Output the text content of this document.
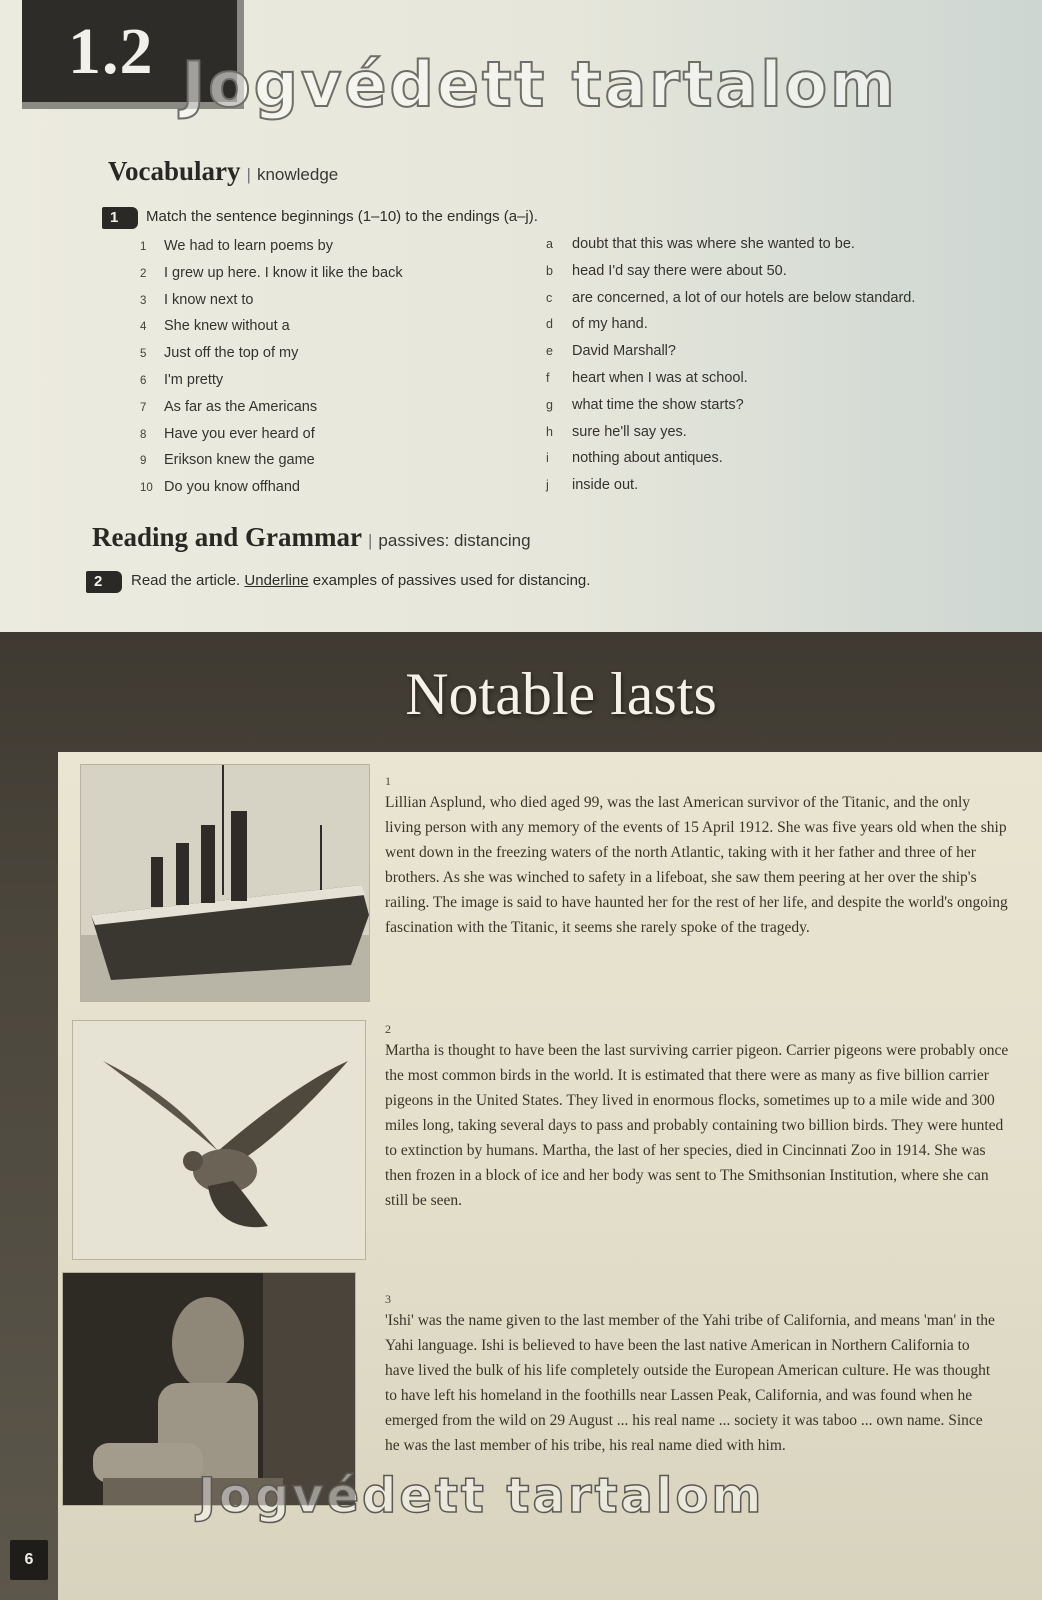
1.2 Jogvédett tartalom
Vocabulary | knowledge
1	Match the sentence beginnings (1–10) to the endings (a–j).
1 We had to learn poems by
2 I grew up here. I know it like the back
3 I know next to
4 She knew without a
5 Just off the top of my
6 I'm pretty
7 As far as the Americans
8 Have you ever heard of
9 Erikson knew the game
10 Do you know offhand
a doubt that this was where she wanted to be.
b head I'd say there were about 50.
c are concerned, a lot of our hotels are below standard.
d of my hand.
e David Marshall?
f heart when I was at school.
g what time the show starts?
h sure he'll say yes.
i nothing about antiques.
j inside out.
Reading and Grammar | passives: distancing
2	Read the article. Underline examples of passives used for distancing.
Notable lasts
1
Lillian Asplund, who died aged 99, was the last American survivor of the Titanic, and the only living person with any memory of the events of 15 April 1912. She was five years old when the ship went down in the freezing waters of the north Atlantic, taking with it her father and three of her brothers. As she was winched to safety in a lifeboat, she saw them peering at her over the ship's railing. The image is said to have haunted her for the rest of her life, and despite the world's ongoing fascination with the Titanic, it seems she rarely spoke of the tragedy.
2
Martha is thought to have been the last surviving carrier pigeon. Carrier pigeons were probably once the most common birds in the world. It is estimated that there were as many as five billion carrier pigeons in the United States. They lived in enormous flocks, sometimes up to a mile wide and 300 miles long, taking several days to pass and probably containing two billion birds. They were hunted to extinction by humans. Martha, the last of her species, died in Cincinnati Zoo in 1914. She was then frozen in a block of ice and her body was sent to The Smithsonian Institution, where she can still be seen.
3
'Ishi' was the name given to the last member of the Yahi tribe of California, and means 'man' in the Yahi language. Ishi is believed to have been the last native American in Northern California to have lived the bulk of his life completely outside the European American culture. He was thought to have left his homeland in the foothills near Lassen Peak, California, and was found when he emerged from the wild on 29 August ... his real name ... society it was taboo ... own name. Since he was the last member of his tribe, his real name died with him.
Jogvédett tartalom
6
